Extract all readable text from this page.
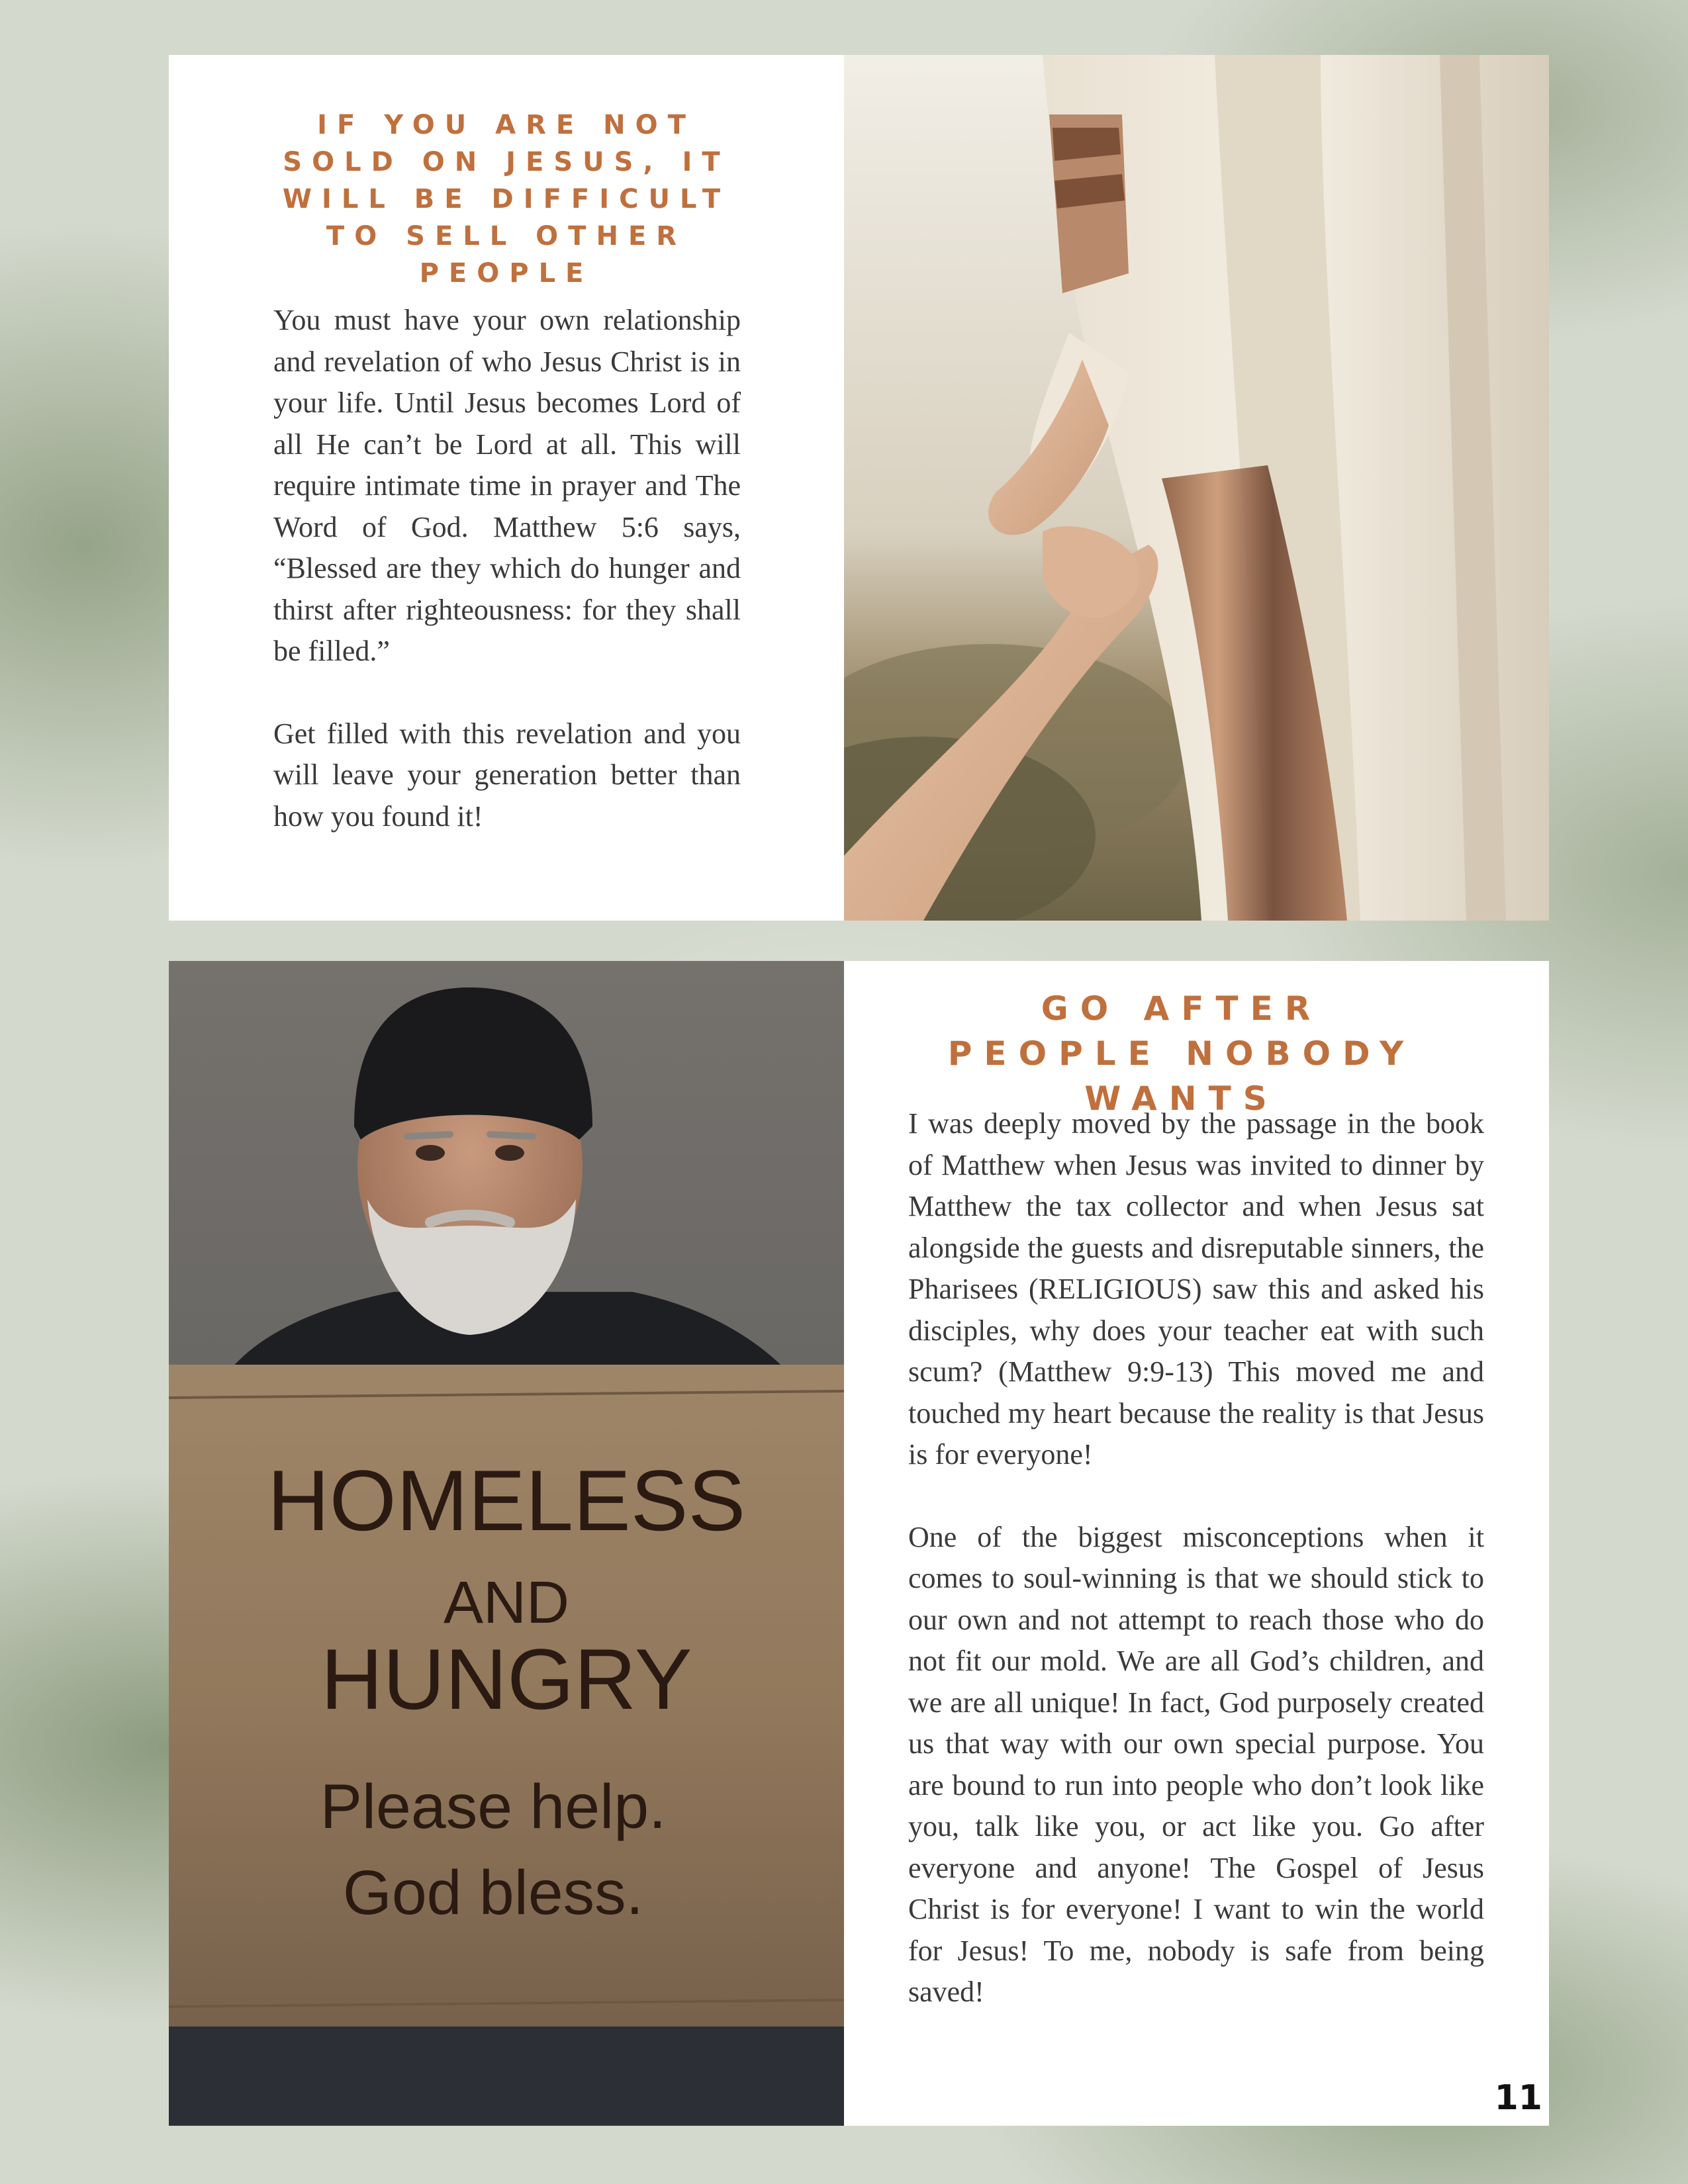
IF YOU ARE NOT SOLD ON JESUS, IT WILL BE DIFFICULT TO SELL OTHER PEOPLE

You must have your own relationship and revelation of who Jesus Christ is in your life. Until Jesus becomes Lord of all He can’t be Lord at all. This will require intimate time in prayer and The Word of God. Matthew 5:6 says, “Blessed are they which do hunger and thirst after righteousness: for they shall be filled.”

Get filled with this revelation and you will leave your generation better than how you found it!

HOMELESS
AND
HUNGRY
Please help.
God bless.
GO AFTER PEOPLE NOBODY WANTS

I was deeply moved by the passage in the book of Matthew when Jesus was invited to dinner by Matthew the tax collector and when Jesus sat alongside the guests and disreputable sinners, the Pharisees (RELIGIOUS) saw this and asked his disciples, why does your teacher eat with such scum? (Matthew 9:9-13) This moved me and touched my heart because the reality is that Jesus is for everyone!

One of the biggest misconceptions when it comes to soul-winning is that we should stick to our own and not attempt to reach those who do not fit our mold. We are all God’s children, and we are all unique! In fact, God purposely created us that way with our own special purpose. You are bound to run into people who don’t look like you, talk like you, or act like you. Go after everyone and anyone! The Gospel of Jesus Christ is for everyone! I want to win the world for Jesus! To me, nobody is safe from being saved!

11
